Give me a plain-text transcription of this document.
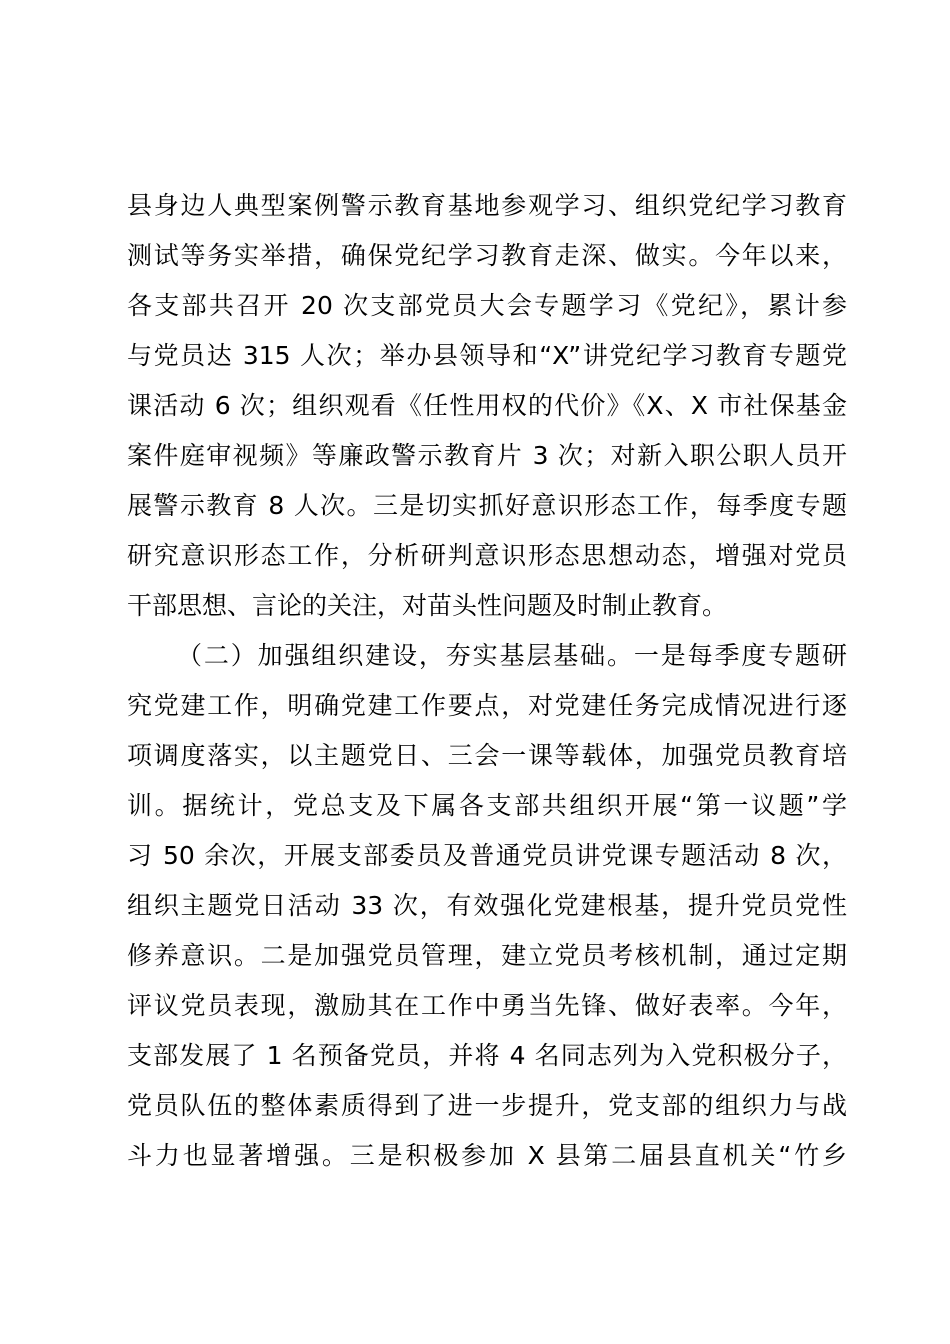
县身边人典型案例警示教育基地参观学习、组织党纪学习教育
测试等务实举措，确保党纪学习教育走深、做实。今年以来，
各支部共召开 20 次支部党员大会专题学习《党纪》，累计参
与党员达 315 人次；举办县领导和“X”讲党纪学习教育专题党
课活动 6 次；组织观看《任性用权的代价》《X、X 市社保基金
案件庭审视频》等廉政警示教育片 3 次；对新入职公职人员开
展警示教育 8 人次。三是切实抓好意识形态工作，每季度专题
研究意识形态工作，分析研判意识形态思想动态，增强对党员
干部思想、言论的关注，对苗头性问题及时制止教育。
（二）加强组织建设，夯实基层基础。一是每季度专题研
究党建工作，明确党建工作要点，对党建任务完成情况进行逐
项调度落实，以主题党日、三会一课等载体，加强党员教育培
训。据统计，党总支及下属各支部共组织开展“第一议题”学
习 50 余次，开展支部委员及普通党员讲党课专题活动 8 次，
组织主题党日活动 33 次，有效强化党建根基，提升党员党性
修养意识。二是加强党员管理，建立党员考核机制，通过定期
评议党员表现，激励其在工作中勇当先锋、做好表率。今年，
支部发展了 1 名预备党员，并将 4 名同志列为入党积极分子，
党员队伍的整体素质得到了进一步提升，党支部的组织力与战
斗力也显著增强。三是积极参加 X 县第二届县直机关“竹乡
